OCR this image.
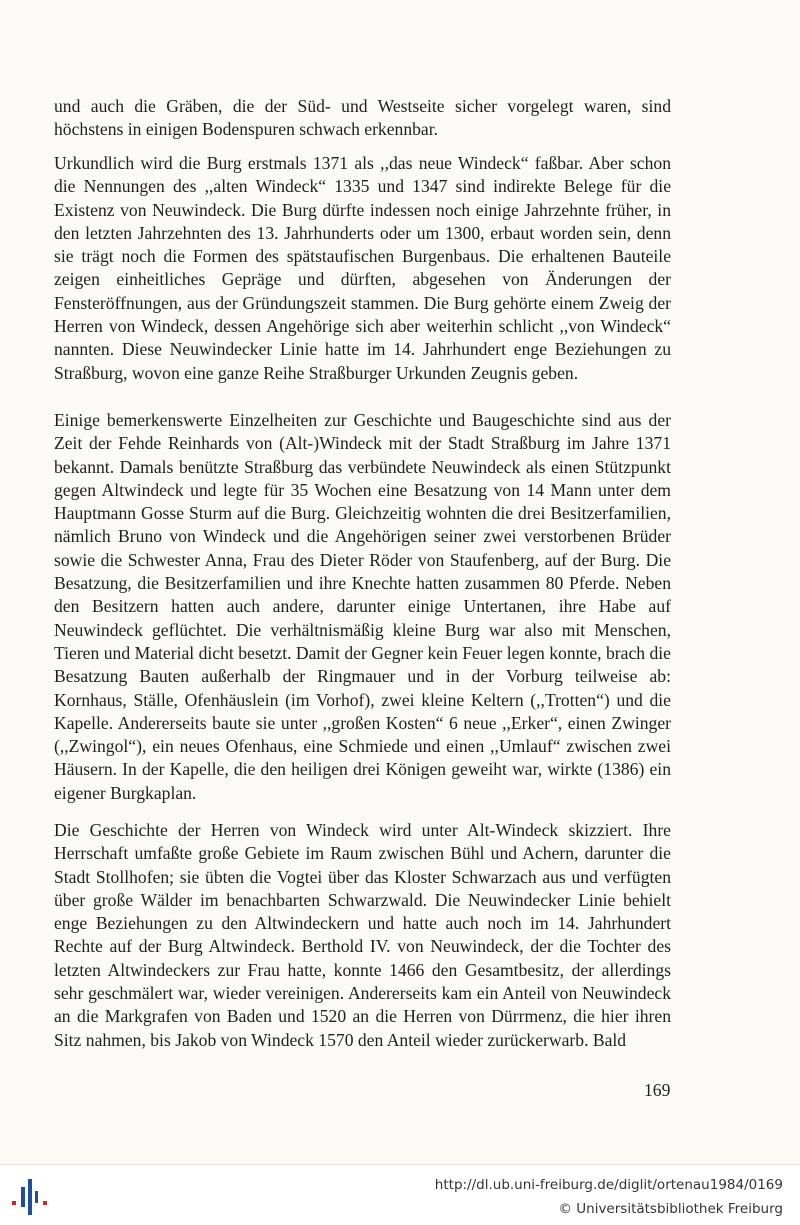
und auch die Gräben, die der Süd- und Westseite sicher vorgelegt waren, sind höchstens in einigen Bodenspuren schwach erkennbar.

Urkundlich wird die Burg erstmals 1371 als ,,das neue Windeck“ faßbar. Aber schon die Nennungen des ,,alten Windeck“ 1335 und 1347 sind indirekte Belege für die Existenz von Neuwindeck. Die Burg dürfte indessen noch einige Jahrzehnte früher, in den letzten Jahrzehnten des 13. Jahrhunderts oder um 1300, erbaut worden sein, denn sie trägt noch die Formen des spätstaufischen Burgenbaus. Die erhaltenen Bauteile zeigen einheitliches Gepräge und dürften, abgesehen von Änderungen der Fensteröffnungen, aus der Gründungszeit stammen. Die Burg gehörte einem Zweig der Herren von Windeck, dessen Angehörige sich aber weiterhin schlicht ,,von Windeck“ nannten. Diese Neuwindecker Linie hatte im 14. Jahrhundert enge Beziehungen zu Straßburg, wovon eine ganze Reihe Straßburger Urkunden Zeugnis geben.

Einige bemerkenswerte Einzelheiten zur Geschichte und Baugeschichte sind aus der Zeit der Fehde Reinhards von (Alt-)Windeck mit der Stadt Straßburg im Jahre 1371 bekannt. Damals benützte Straßburg das verbündete Neuwindeck als einen Stützpunkt gegen Altwindeck und legte für 35 Wochen eine Besatzung von 14 Mann unter dem Hauptmann Gosse Sturm auf die Burg. Gleichzeitig wohnten die drei Besitzerfamilien, nämlich Bruno von Windeck und die Angehörigen seiner zwei verstorbenen Brüder sowie die Schwester Anna, Frau des Dieter Röder von Staufenberg, auf der Burg. Die Besatzung, die Besitzerfamilien und ihre Knechte hatten zusammen 80 Pferde. Neben den Besitzern hatten auch andere, darunter einige Untertanen, ihre Habe auf Neuwindeck geflüchtet. Die verhältnismäßig kleine Burg war also mit Menschen, Tieren und Material dicht besetzt. Damit der Gegner kein Feuer legen konnte, brach die Besatzung Bauten außerhalb der Ringmauer und in der Vorburg teilweise ab: Kornhaus, Ställe, Ofenhäuslein (im Vorhof), zwei kleine Keltern (,,Trotten“) und die Kapelle. Andererseits baute sie unter ,,großen Kosten“ 6 neue ,,Erker“, einen Zwinger (,,Zwingol“), ein neues Ofenhaus, eine Schmiede und einen ,,Umlauf“ zwischen zwei Häusern. In der Kapelle, die den heiligen drei Königen geweiht war, wirkte (1386) ein eigener Burgkaplan.

Die Geschichte der Herren von Windeck wird unter Alt-Windeck skizziert. Ihre Herrschaft umfaßte große Gebiete im Raum zwischen Bühl und Achern, darunter die Stadt Stollhofen; sie übten die Vogtei über das Kloster Schwarzach aus und verfügten über große Wälder im benachbarten Schwarzwald. Die Neuwindecker Linie behielt enge Beziehungen zu den Altwindeckern und hatte auch noch im 14. Jahrhundert Rechte auf der Burg Altwindeck. Berthold IV. von Neuwindeck, der die Tochter des letzten Altwindeckers zur Frau hatte, konnte 1466 den Gesamtbesitz, der allerdings sehr geschmälert war, wieder vereinigen. Andererseits kam ein Anteil von Neuwindeck an die Markgrafen von Baden und 1520 an die Herren von Dürrmenz, die hier ihren Sitz nahmen, bis Jakob von Windeck 1570 den Anteil wieder zurückerwarb. Bald

169
http://dl.ub.uni-freiburg.de/diglit/ortenau1984/0169
© Universitätsbibliothek Freiburg
